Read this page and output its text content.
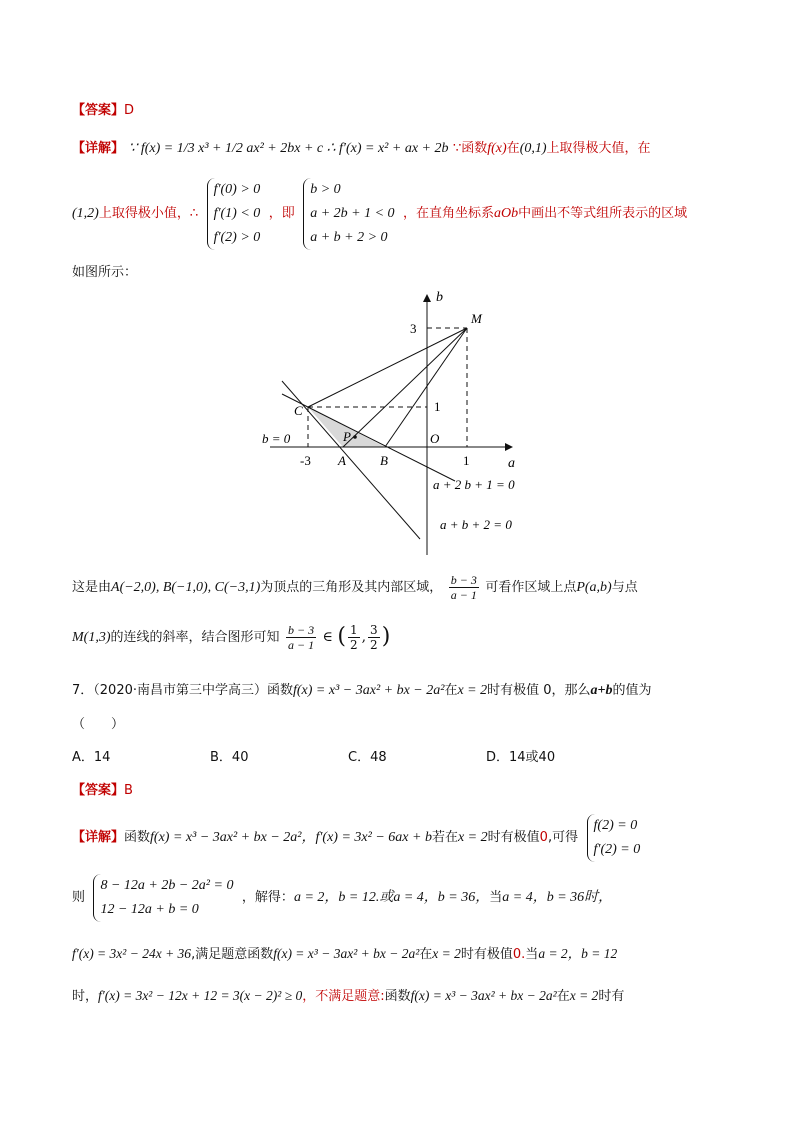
【答案】D
【详解】 ∵ f(x) = 1/3 x³ + 1/2 ax² + 2bx + c ∴ f′(x) = x² + ax + 2b ∵函数f(x)在(0,1)上取得极大值，在
(1,2)上取得极小值，∴
f′(0) > 0
f′(1) < 0
f′(2) > 0
，即
b > 0
a + 2b + 1 < 0
a + b + 2 > 0
，在直角坐标系aOb中画出不等式组所表示的区域
如图所示：
b
a
O
M
C
P
A	B
3
1
-3	1
b = 0
a + 2 b + 1 = 0
a + b + 2 = 0
这是由A(−2,0), B(−1,0), C(−3,1)为顶点的三角形及其内部区域， $\frac{b - 3}{a - 1}$ 可看作区域上点P(a,b)与点
M(1,3)的连线的斜率，结合图形可知 $\frac{b - 3}{a - 1}$ ∈ ( $\frac{1}{2}$ , $\frac{3}{2}$ )
7．（2020·南昌市第三中学高三）函数f(x) = x³ − 3ax² + bx − 2a²在x = 2时有极值 0，那么a+b的值为
（　　）
A．14	B．40	C．48	D．14或40
【答案】B
【详解】函数f(x) = x³ − 3ax² + bx − 2a²，f′(x) = 3x² − 6ax + b若在x = 2时有极值0,可得
f(2) = 0
f′(2) = 0
则
8 − 12a + 2b − 2a² = 0
12 − 12a + b = 0
，解得：a = 2，b = 12.或a = 4，b = 36，当a = 4，b = 36时，
f′(x) = 3x² − 24x + 36,满足题意函数f(x) = x³ − 3ax² + bx − 2a²在x = 2时有极值0.当a = 2，b = 12
时，f′(x) = 3x² − 12x + 12 = 3(x − 2)² ≥ 0，不满足题意:函数f(x) = x³ − 3ax² + bx − 2a²在x = 2时有
